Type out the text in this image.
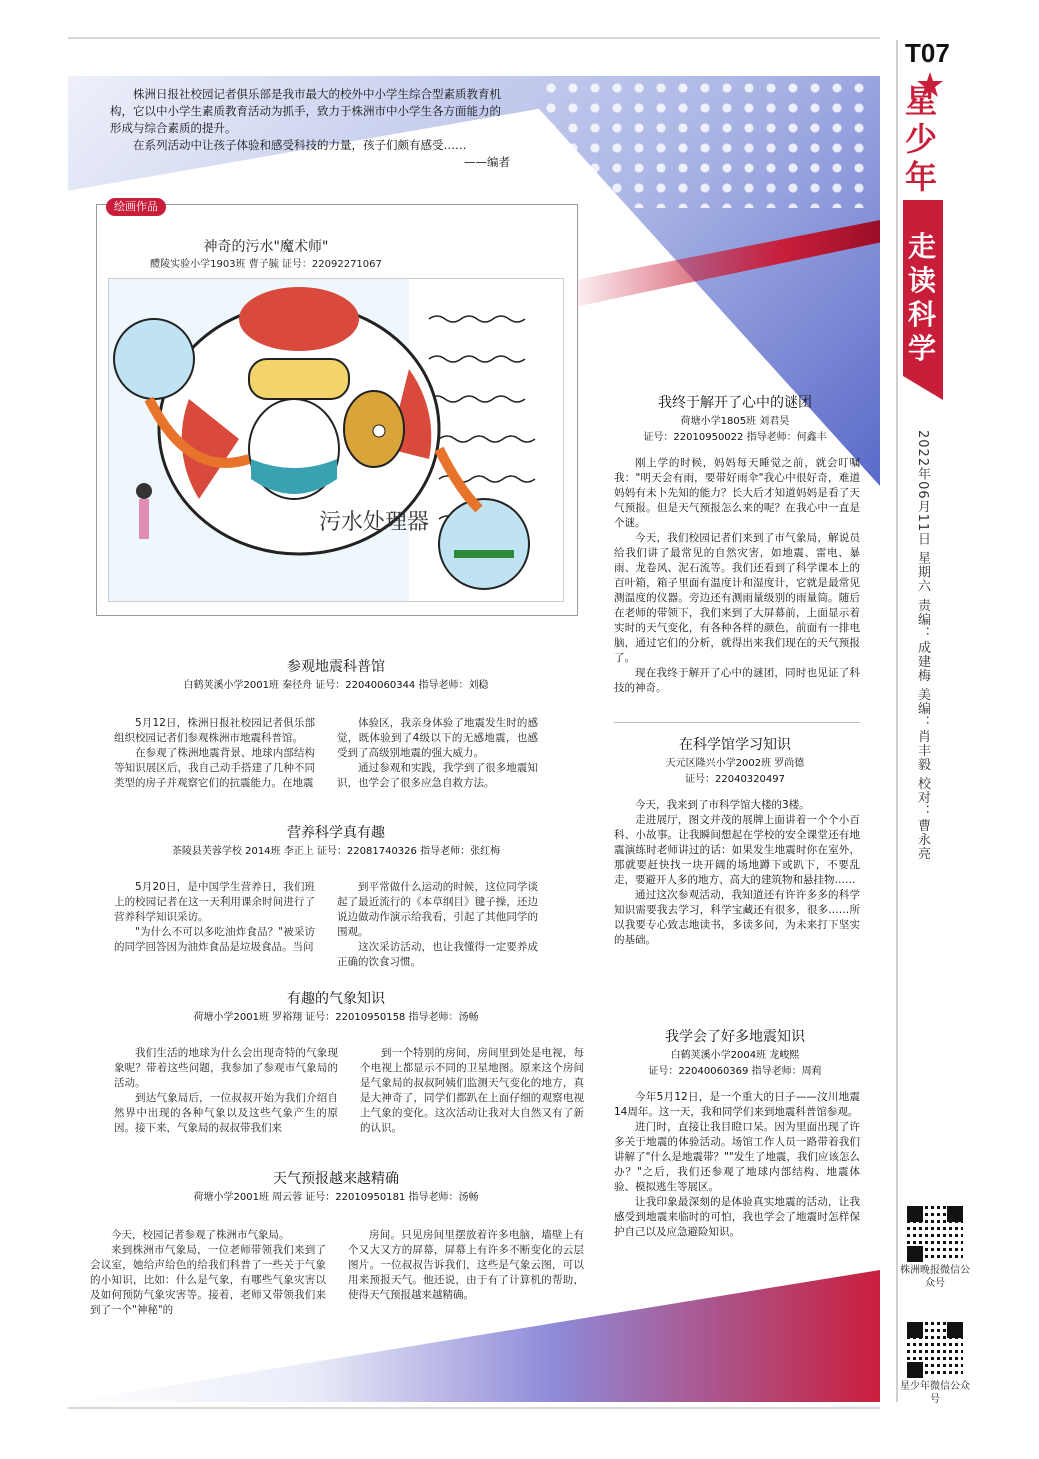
T07
星少年
走读科学
2022年06月11日 星期六 责编：成建梅 美编：肖丰毅 校对：曹永亮
株洲晚报微信公众号
星少年微信公众号

株洲日报社校园记者俱乐部是我市最大的校外中小学生综合型素质教育机构，它以中小学生素质教育活动为抓手，致力于株洲市中小学生各方面能力的形成与综合素质的提升。

在系列活动中让孩子体验和感受科技的力量，孩子们颇有感受……

——编者

绘画作品
神奇的污水"魔术师"
醴陵实验小学1903班 曹子毓 证号：22092271067
污水处理器
参观地震科普馆
白鹤荚溪小学2001班 秦径舟 证号：22040060344 指导老师：刘稳

5月12日，株洲日报社校园记者俱乐部组织校园记者们参观株洲市地震科普馆。

在参观了株洲地震背景、地球内部结构等知识展区后，我自己动手搭建了几种不同类型的房子并观察它们的抗震能力。在地震

体验区，我亲身体验了地震发生时的感觉，既体验到了4级以下的无感地震，也感受到了高级别地震的强大威力。

通过参观和实践，我学到了很多地震知识，也学会了很多应急自救方法。

营养科学真有趣
茶陵县芙蓉学校 2014班 李正上 证号：22081740326 指导老师：张红梅

5月20日，是中国学生营养日，我们班上的校园记者在这一天利用课余时间进行了营养科学知识采访。

"为什么不可以多吃油炸食品？"被采访的同学回答因为油炸食品是垃圾食品。当问

到平常做什么运动的时候，这位同学谈起了最近流行的《本草纲目》毽子操，还边说边做动作演示给我看，引起了其他同学的围观。

这次采访活动，也让我懂得一定要养成正确的饮食习惯。

有趣的气象知识
荷塘小学2001班 罗裕翔 证号：22010950158 指导老师：汤畅

我们生活的地球为什么会出现奇特的气象现象呢？带着这些问题，我参加了参观市气象局的活动。

到达气象局后，一位叔叔开始为我们介绍自然界中出现的各种气象以及这些气象产生的原因。接下来，气象局的叔叔带我们来

到一个特别的房间，房间里到处是电视，每个电视上都显示不同的卫星地图。原来这个房间是气象局的叔叔阿姨们监测天气变化的地方，真是大神奇了，同学们都趴在上面仔细的观察电视上气象的变化。这次活动让我对大自然又有了新的认识。

天气预报越来越精确
荷塘小学2001班 周云蓉 证号：22010950181 指导老师：汤畅

今天，校园记者参观了株洲市气象局。

来到株洲市气象局，一位老师带领我们来到了会议室，她给声给色的给我们科普了一些关于气象的小知识，比如：什么是气象，有哪些气象灾害以及如何预防气象灾害等。接着，老师又带领我们来到了一个"神秘"的

房间。只见房间里摆放着许多电脑，墙壁上有个又大又方的屏幕，屏幕上有许多不断变化的云层图片。一位叔叔告诉我们，这些是气象云图，可以用来预报天气。他还说，由于有了计算机的帮助，使得天气预报越来越精确。

我终于解开了心中的谜团
荷塘小学1805班 刘君昊
证号：22010950022 指导老师：何鑫丰

刚上学的时候，妈妈每天睡觉之前，就会叮嘱我："明天会有雨，要带好雨伞"我心中很好奇，难道妈妈有未卜先知的能力？长大后才知道妈妈是看了天气预报。但是天气预报怎么来的呢？在我心中一直是个谜。

今天，我们校园记者们来到了市气象局，解说员给我们讲了最常见的自然灾害，如地震、雷电、暴雨、龙卷风、泥石流等。我们还看到了科学课本上的百叶箱，箱子里面有温度计和湿度计，它就是最常见测温度的仪器。旁边还有测雨量级别的雨量筒。随后在老师的带领下，我们来到了大屏幕前，上面显示着实时的天气变化，有各种各样的颜色，前面有一排电脑，通过它们的分析，就得出来我们现在的天气预报了。

现在我终于解开了心中的谜团，同时也见证了科技的神奇。

在科学馆学习知识
天元区隆兴小学2002班 罗尚德
证号：22040320497

今天，我来到了市科学馆大楼的3楼。

走进展厅，图文并茂的展牌上面讲着一个个小百科、小故事。让我瞬间想起在学校的安全课堂还有地震演练时老师讲过的话：如果发生地震时你在室外，那就要赶快找一块开阔的场地蹲下或趴下，不要乱走，要避开人多的地方、高大的建筑物和悬挂物……

通过这次参观活动，我知道还有许许多多的科学知识需要我去学习，科学宝藏还有很多，很多……所以我要专心致志地读书，多读多问，为未来打下坚实的基础。

我学会了好多地震知识
白鹤荚溪小学2004班 龙峻熙
证号：22040060369 指导老师：周莉

今年5月12日，是一个重大的日子——汶川地震14周年。这一天，我和同学们来到地震科普馆参观。

进门时，直接让我目瞪口呆。因为里面出现了许多关于地震的体验活动。场馆工作人员一路带着我们讲解了"什么是地震带？""发生了地震，我们应该怎么办？"之后，我们还参观了地球内部结构、地震体验、模拟逃生等展区。

让我印象最深刻的是体验真实地震的活动，让我感受到地震来临时的可怕，我也学会了地震时怎样保护自己以及应急避险知识。
